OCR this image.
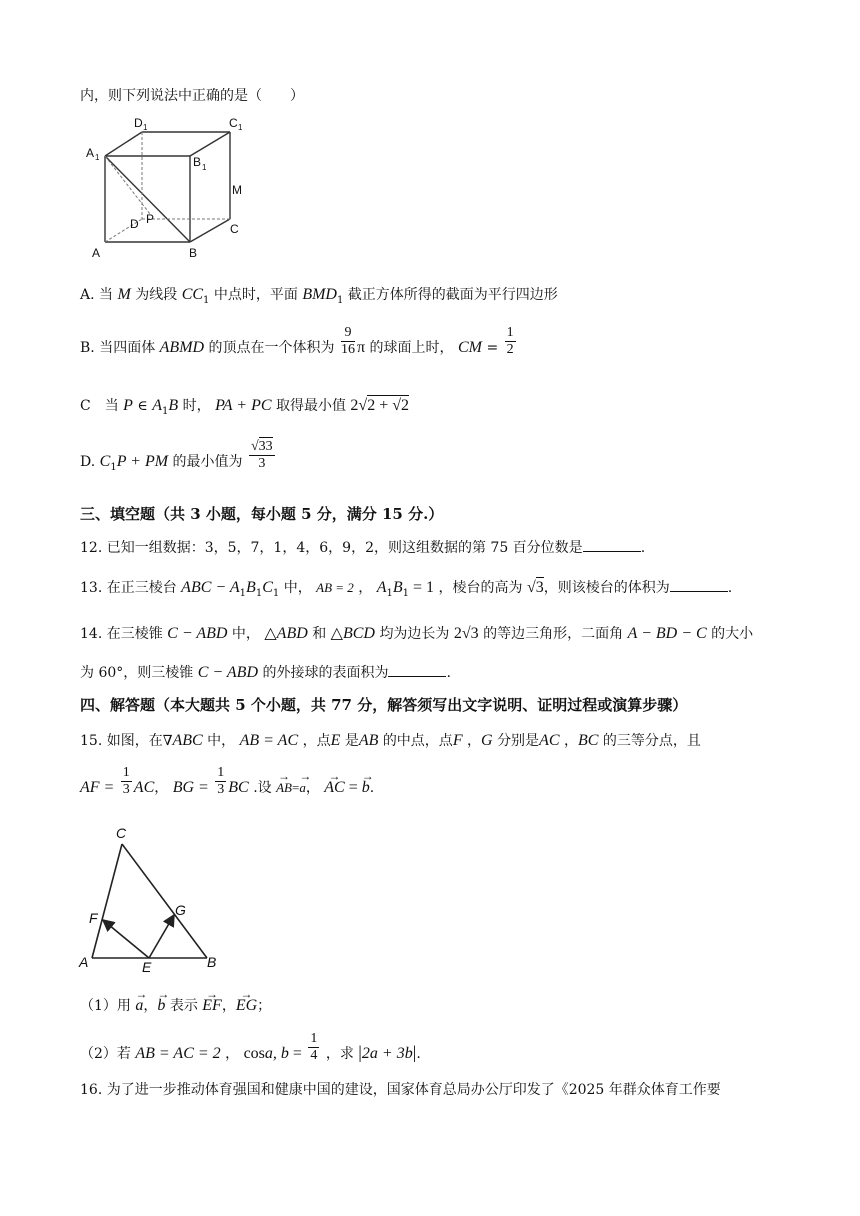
内，则下列说法中正确的是（　　）
D 1	C 1
A 1	B 1
M
D P
C
A	B
A. 当 M 为线段 $CC_1$ 中点时，平面 $BMD_1$ 截正方体所得的截面为平行四边形
B. 当四面体 ABMD 的顶点在一个体积为 $\frac{9}{16}$ π 的球面上时， CM = $\frac{1}{2}$
C　当 P ∈ $A_1B$ 时， PA + PC 取得最小值 2√2 + √2
D. $C_1P$ + PM 的最小值为 $\frac{√33}{3}$
三、填空题（共 3 小题，每小题 5 分，满分 15 分.）
12. 已知一组数据：3，5，7，1，4，6，9，2，则这组数据的第 75 百分位数是	.
13. 在正三棱台 ABC − $A_1B_1C_1$ 中， AB = 2 ， $A_1B_1 = 1$ ，棱台的高为 √3，则该棱台的体积为	.
14. 在三棱锥 C − ABD 中， △ABD 和 △BCD 均为边长为 2√3 的等边三角形，二面角 A − BD − C 的大小
为 60°，则三棱锥 C − ABD 的外接球的表面积为	.
四、解答题（本大题共 5 个小题，共 77 分，解答须写出文字说明、证明过程或演算步骤）
15. 如图，在∇ABC 中， AB = AC ，点E 是AB 的中点，点F ，G 分别是AC ，BC 的三等分点，且
AF = $\frac{1}{3}$ AC， BG = $\frac{1}{3}$ BC .设 → AB=→ a， → AC = → b.
C
F	G
A	E	B
（1）用 → a，→ b 表示 → EF，→ EG；
（2）若 AB = AC = 2 ， cosa, $b = \frac{1}{4}$ ，求 |2a + 3b|.
16. 为了进一步推动体育强国和健康中国的建设，国家体育总局办公厅印发了《2025 年群众体育工作要
